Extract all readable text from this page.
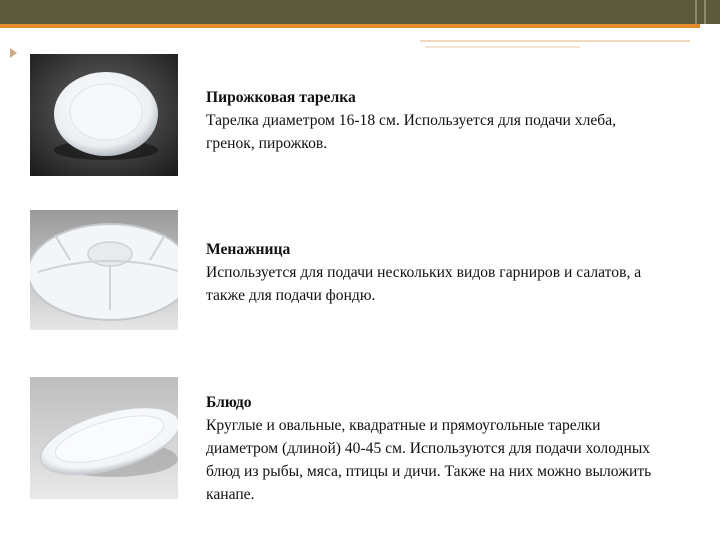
Пирожковая тарелка
Тарелка диаметром 16-18 см. Используется для подачи хлеба, гренок, пирожков.
Менажница
Используется для подачи нескольких видов гарниров и салатов, а также для подачи фондю.
Блюдо
Круглые и овальные, квадратные и прямоугольные тарелки диаметром (длиной) 40-45 см. Используются для подачи холодных блюд из рыбы, мяса, птицы и дичи. Также на них можно выложить канапе.
